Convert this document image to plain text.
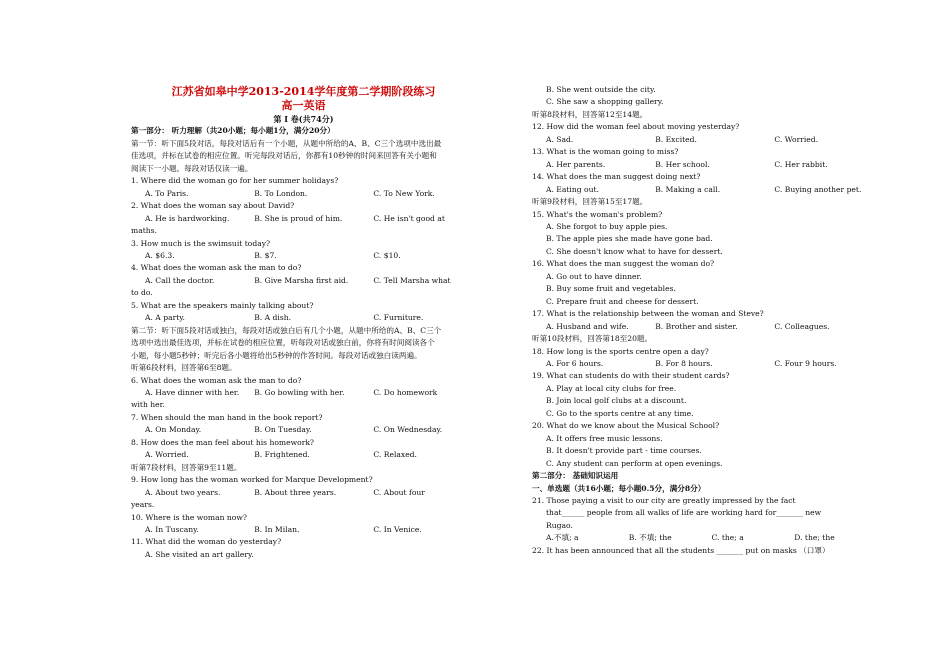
江苏省如皋中学2013-2014学年度第二学期阶段练习
高一英语
第 Ⅰ 卷(共74分)
第一部分： 听力理解（共20小题；每小题1分，满分20分）
第一节：听下面5段对话，每段对话后有一个小题，从题中所给的A、B、C三个选项中选出最
佳选项，并标在试卷的相应位置。听完每段对话后，你都有10秒钟的时间来回答有关小题和
阅读下一小题。每段对话仅读一遍。
1. Where did the woman go for her summer holidays?
A. To Paris.	B. To London.	C. To New York.
2. What does the woman say about David?
A. He is hardworking.	B. She is proud of him.	C. He isn't good at
maths.
3. How much is the swimsuit today?
A. $6.3.	B. $7.	C. $10.
4. What does the woman ask the man to do?
A. Call the doctor.	B. Give Marsha first aid.	C. Tell Marsha what
to do.
5. What are the speakers mainly talking about?
A. A party.	B. A dish.	C. Furniture.
第二节：听下面5段对话或独白，每段对话或独白后有几个小题，从题中所给的A、B、C三个
选项中选出最佳选项，并标在试卷的相应位置，听每段对话或独白前，你将有时间阅读各个
小题，每小题5秒钟；听完后各小题将给出5秒钟的作答时间。每段对话或独白读两遍。
听第6段材料，回答第6至8题。
6. What does the woman ask the man to do?
A. Have dinner with her.	B. Go bowling with her.	C. Do homework
with her.
7. When should the man hand in the book report?
A. On Monday.	B. On Tuesday.	C. On Wednesday.
8. How does the man feel about his homework?
A. Worried.	B. Frightened.	C. Relaxed.
听第7段材料，回答第9至11题。
9. How long has the woman worked for Marque Development?
A. About two years.	B. About three years.	C. About four
years.
10. Where is the woman now?
A. In Tuscany.	B. In Milan.	C. In Venice.
11. What did the woman do yesterday?
A. She visited an art gallery.
B. She went outside the city.
C. She saw a shopping gallery.
听第8段材料，回答第12至14题。
12. How did the woman feel about moving yesterday?
A. Sad.	B. Excited.	C. Worried.
13. What is the woman going to miss?
A. Her parents.	B. Her school.	C. Her rabbit.
14. What does the man suggest doing next?
A. Eating out.	B. Making a call.	C. Buying another pet.
听第9段材料，回答第15至17题。
15. What's the woman's problem?
A. She forgot to buy apple pies.
B. The apple pies she made have gone bad.
C. She doesn't know what to have for dessert.
16. What does the man suggest the woman do?
A. Go out to have dinner.
B. Buy some fruit and vegetables.
C. Prepare fruit and cheese for dessert.
17. What is the relationship between the woman and Steve?
A. Husband and wife.	B. Brother and sister.	C. Colleagues.
听第10段材料，回答第18至20题。
18. How long is the sports centre open a day?
A. For 6 hours.	B. For 8 hours.	C. Four 9 hours.
19. What can students do with their student cards?
A. Play at local city clubs for free.
B. Join local golf clubs at a discount.
C. Go to the sports centre at any time.
20. What do we know about the Musical School?
A. It offers free music lessons.
B. It doesn't provide part - time courses.
C. Any student can perform at open evenings.
第二部分： 基础知识运用
一、单选题（共16小题；每小题0.5分，满分8分）
21. Those paying a visit to our city are greatly impressed by the fact
that______ people from all walks of life are working hard for_______ new
Rugao.
A.不填; a	B. 不填; the	C. the; a	D. the; the
22. It has been announced that all the students _______ put on masks （口罩）
